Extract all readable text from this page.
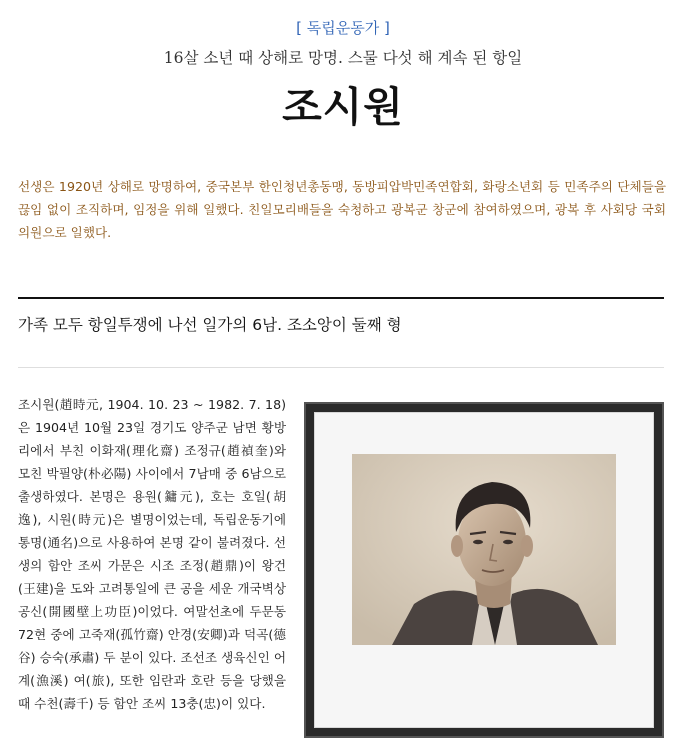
[ 독립운동가 ]
16살 소년 때 상해로 망명. 스물 다섯 해 계속 된 항일
조시원
선생은 1920년 상해로 망명하여, 중국본부 한인청년총동맹, 동방피압박민족연합회, 화랑소년회 등 민족주의 단체들을 끊임 없이 조직하며, 임정을 위해 일했다. 친일모리배들을 숙청하고 광복군 창군에 참여하였으며, 광복 후 사회당 국회의원으로 일했다.
가족 모두 항일투쟁에 나선 일가의 6남. 조소앙이 둘째 형
조시원(趙時元, 1904. 10. 23 ~ 1982. 7. 18)은 1904년 10월 23일 경기도 양주군 남면 황방리에서 부친 이화재(理化齋) 조정규(趙禎奎)와 모친 박필양(朴必陽) 사이에서 7남매 중 6남으로 출생하였다. 본명은 용원(鏞元), 호는 호일(胡逸), 시원(時元)은 별명이었는데, 독립운동기에 통명(通名)으로 사용하여 본명 같이 불려졌다. 선생의 함안 조씨 가문은 시조 조정(趙鼎)이 왕건(王建)을 도와 고려통일에 큰 공을 세운 개국벽상공신(開國壁上功臣)이었다. 여말선초에 두문동 72현 중에 고죽재(孤竹齋) 안경(安卿)과 덕곡(德谷) 승숙(承肅) 두 분이 있다. 조선조 생육신인 어계(漁溪) 여(旅), 또한 임란과 호란 등을 당했을 때 수천(壽千) 등 함안 조씨 13충(忠)이 있다.
